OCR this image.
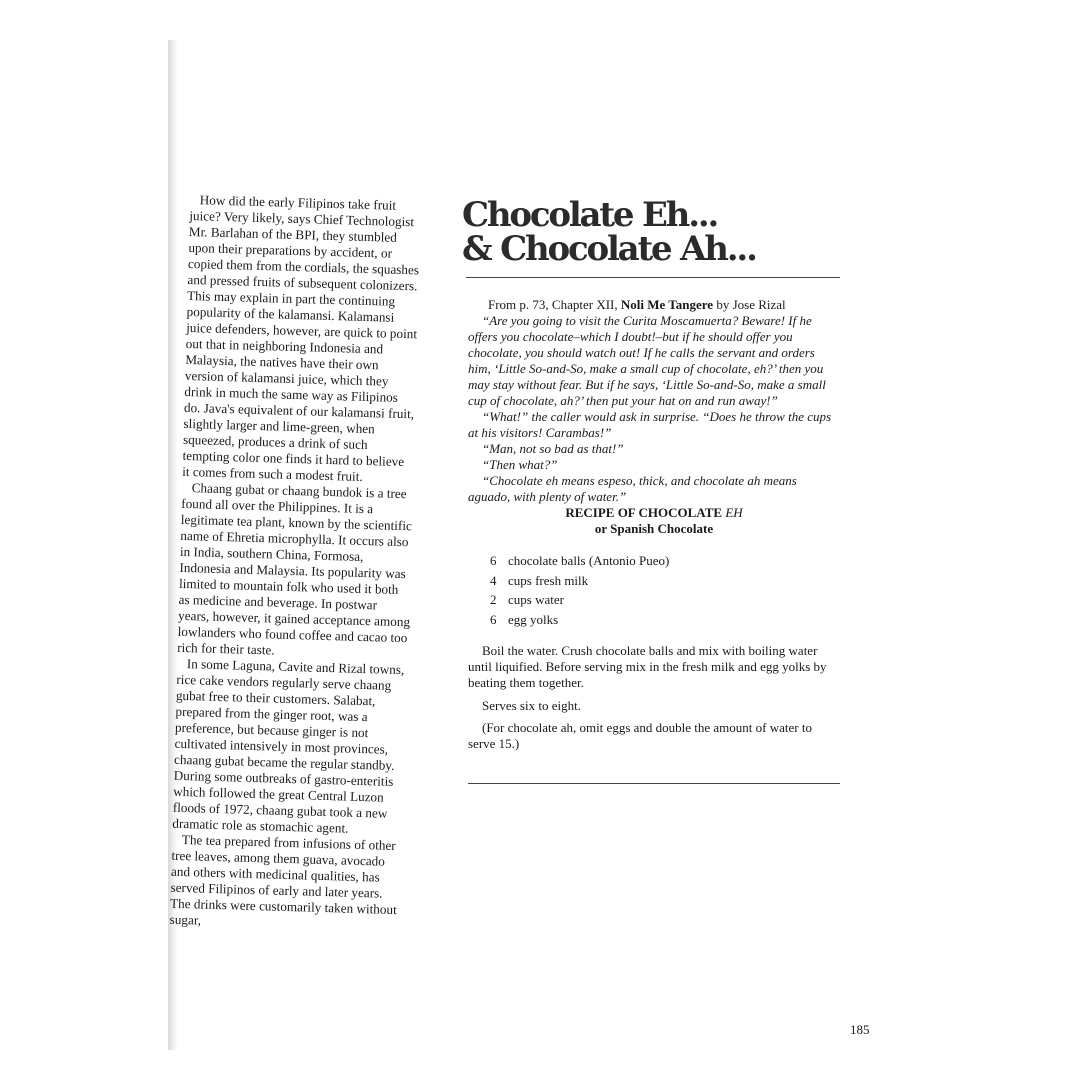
How did the early Filipinos take fruit juice? Very likely, says Chief Technologist Mr. Barlahan of the BPI, they stumbled upon their preparations by accident, or copied them from the cordials, the squashes and pressed fruits of subsequent colonizers. This may explain in part the continuing popularity of the kalamansi. Kalamansi juice defenders, however, are quick to point out that in neighboring Indonesia and Malaysia, the natives have their own version of kalamansi juice, which they drink in much the same way as Filipinos do. Java's equivalent of our kalamansi fruit, slightly larger and lime-green, when squeezed, produces a drink of such tempting color one finds it hard to believe it comes from such a modest fruit.

Chaang gubat or chaang bundok is a tree found all over the Philippines. It is a legitimate tea plant, known by the scientific name of Ehretia microphylla. It occurs also in India, southern China, Formosa, Indonesia and Malaysia. Its popularity was limited to mountain folk who used it both as medicine and beverage. In postwar years, however, it gained acceptance among lowlanders who found coffee and cacao too rich for their taste.

In some Laguna, Cavite and Rizal towns, rice cake vendors regularly serve chaang gubat free to their customers. Salabat, prepared from the ginger root, was a preference, but because ginger is not cultivated intensively in most provinces, chaang gubat became the regular standby. During some outbreaks of gastro-enteritis which followed the great Central Luzon floods of 1972, chaang gubat took a new dramatic role as stomachic agent.

The tea prepared from infusions of other tree leaves, among them guava, avocado and others with medicinal qualities, has served Filipinos of early and later years. The drinks were customarily taken without sugar,

Chocolate Eh...
& Chocolate Ah...

From p. 73, Chapter XII, Noli Me Tangere by Jose Rizal

“Are you going to visit the Curita Moscamuerta? Beware! If he offers you chocolate–which I doubt!–but if he should offer you chocolate, you should watch out! If he calls the servant and orders him, ‘Little So-and-So, make a small cup of chocolate, eh?’ then you may stay without fear. But if he says, ‘Little So-and-So, make a small cup of chocolate, ah?’ then put your hat on and run away!”

“What!” the caller would ask in surprise. “Does he throw the cups at his visitors! Carambas!”

“Man, not so bad as that!”

“Then what?”

“Chocolate eh means espeso, thick, and chocolate ah means aguado, with plenty of water.”

RECIPE OF CHOCOLATE EH
or Spanish Chocolate

6 chocolate balls (Antonio Pueo)
4 cups fresh milk
2 cups water
6 egg yolks

Boil the water. Crush chocolate balls and mix with boiling water until liquified. Before serving mix in the fresh milk and egg yolks by beating them together.

Serves six to eight.

(For chocolate ah, omit eggs and double the amount of water to serve 15.)

185
